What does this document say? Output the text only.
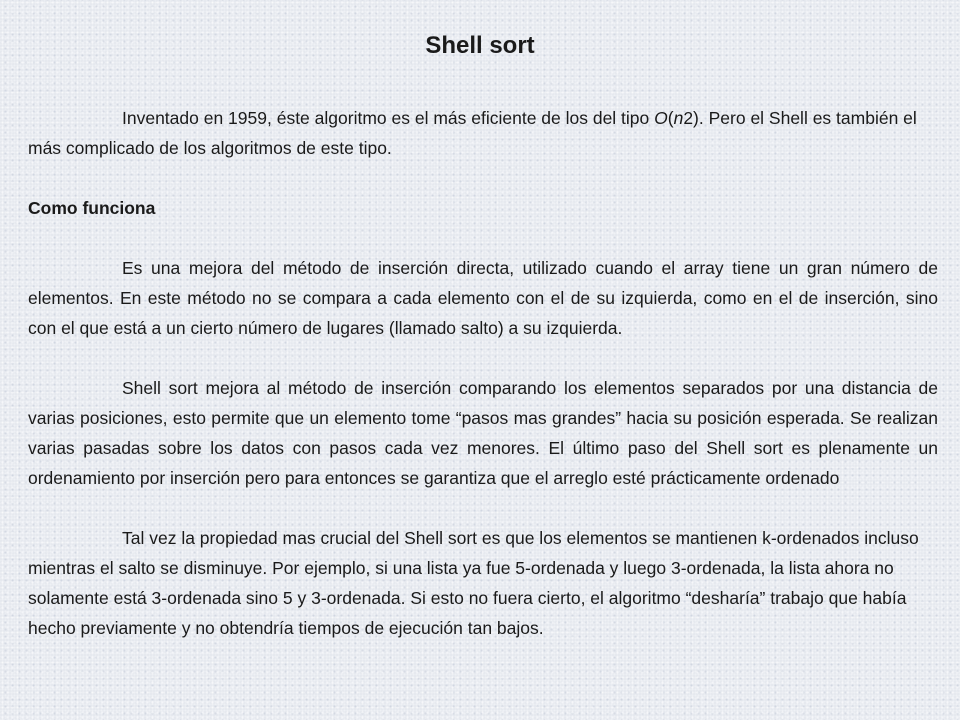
Shell sort

Inventado en 1959, éste algoritmo es el más eficiente de los del tipo O(n2). Pero el Shell es también el más complicado de los algoritmos de este tipo.

Como funciona

Es una mejora del método de inserción directa, utilizado cuando el array tiene un gran número de elementos. En este método no se compara a cada elemento con el de su izquierda, como en el de inserción, sino con el que está a un cierto número de lugares (llamado salto) a su izquierda.

Shell sort mejora al método de inserción comparando los elementos separados por una distancia de varias posiciones, esto permite que un elemento tome “pasos mas grandes” hacia su posición esperada. Se realizan varias pasadas sobre los datos con pasos cada vez menores. El último paso del Shell sort es plenamente un ordenamiento por inserción pero para entonces se garantiza que el arreglo esté prácticamente ordenado

Tal vez la propiedad mas crucial del Shell sort es que los elementos se mantienen k-ordenados incluso mientras el salto se disminuye. Por ejemplo, si una lista ya fue 5-ordenada y luego 3-ordenada, la lista ahora no solamente está 3-ordenada sino 5 y 3-ordenada. Si esto no fuera cierto, el algoritmo “desharía” trabajo que había hecho previamente y no obtendría tiempos de ejecución tan bajos.
